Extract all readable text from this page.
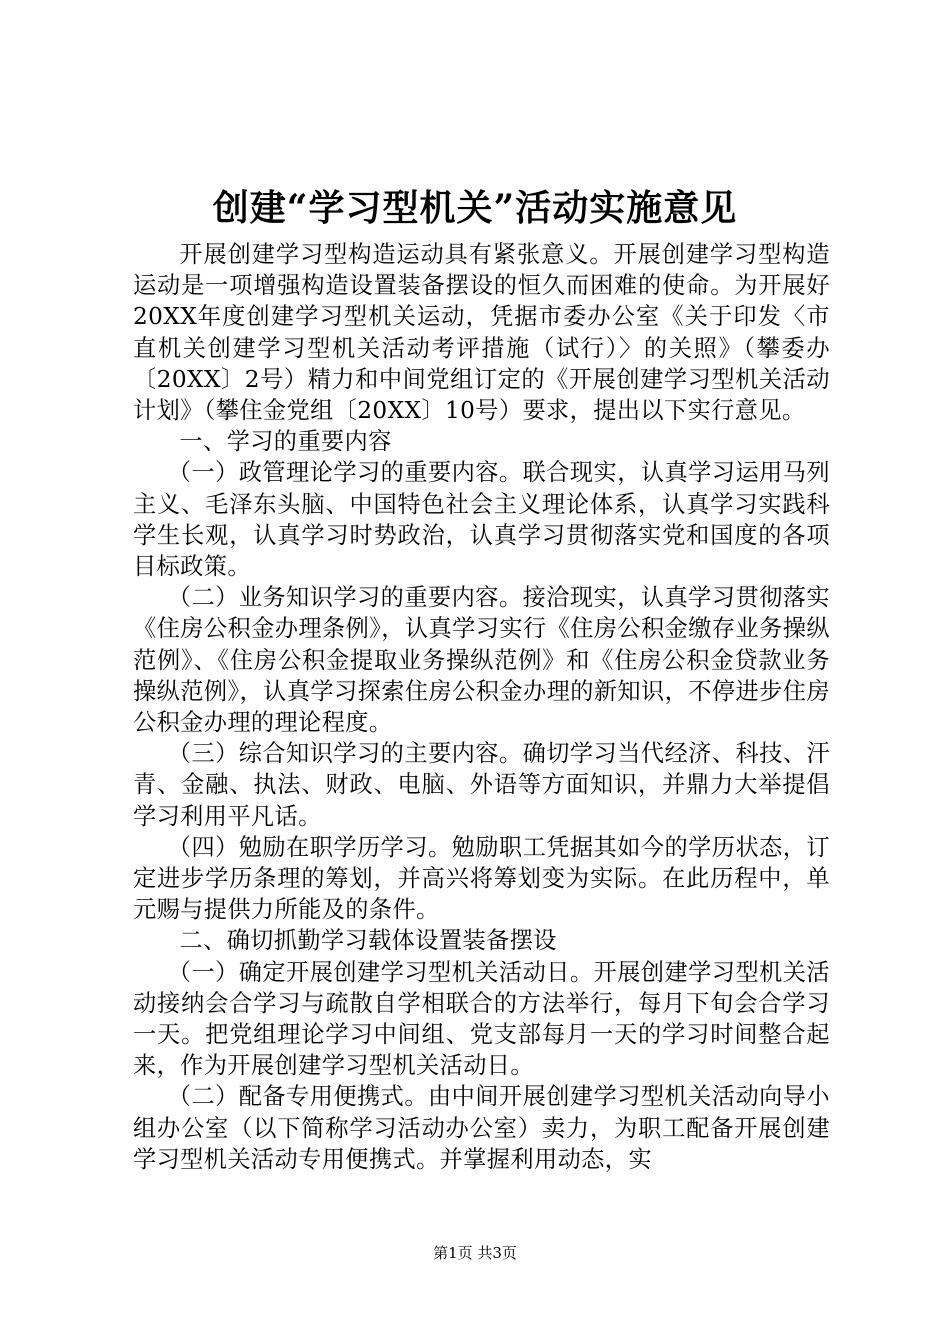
创建“学习型机关”活动实施意见

开展创建学习型构造运动具有紧张意义。开展创建学习型构造运动是一项增强构造设置装备摆设的恒久而困难的使命。为开展好20XX年度创建学习型机关运动，凭据市委办公室《关于印发〈市直机关创建学习型机关活动考评措施（试行）〉的关照》（攀委办〔20XX〕2号）精力和中间党组订定的《开展创建学习型机关活动计划》（攀住金党组〔20XX〕10号）要求，提出以下实行意见。

一、学习的重要内容

（一）政管理论学习的重要内容。联合现实，认真学习运用马列主义、毛泽东头脑、中国特色社会主义理论体系，认真学习实践科学生长观，认真学习时势政治，认真学习贯彻落实党和国度的各项目标政策。

（二）业务知识学习的重要内容。接洽现实，认真学习贯彻落实《住房公积金办理条例》，认真学习实行《住房公积金缴存业务操纵范例》、《住房公积金提取业务操纵范例》和《住房公积金贷款业务操纵范例》，认真学习探索住房公积金办理的新知识，不停进步住房公积金办理的理论程度。

（三）综合知识学习的主要内容。确切学习当代经济、科技、汗青、金融、执法、财政、电脑、外语等方面知识，并鼎力大举提倡学习利用平凡话。

（四）勉励在职学历学习。勉励职工凭据其如今的学历状态，订定进步学历条理的筹划，并高兴将筹划变为实际。在此历程中，单元赐与提供力所能及的条件。

二、确切抓勤学习载体设置装备摆设

（一）确定开展创建学习型机关活动日。开展创建学习型机关活动接纳会合学习与疏散自学相联合的方法举行，每月下旬会合学习一天。把党组理论学习中间组、党支部每月一天的学习时间整合起来，作为开展创建学习型机关活动日。

（二）配备专用便携式。由中间开展创建学习型机关活动向导小组办公室（以下简称学习活动办公室）卖力，为职工配备开展创建学习型机关活动专用便携式。并掌握利用动态，实

第1页 共3页
